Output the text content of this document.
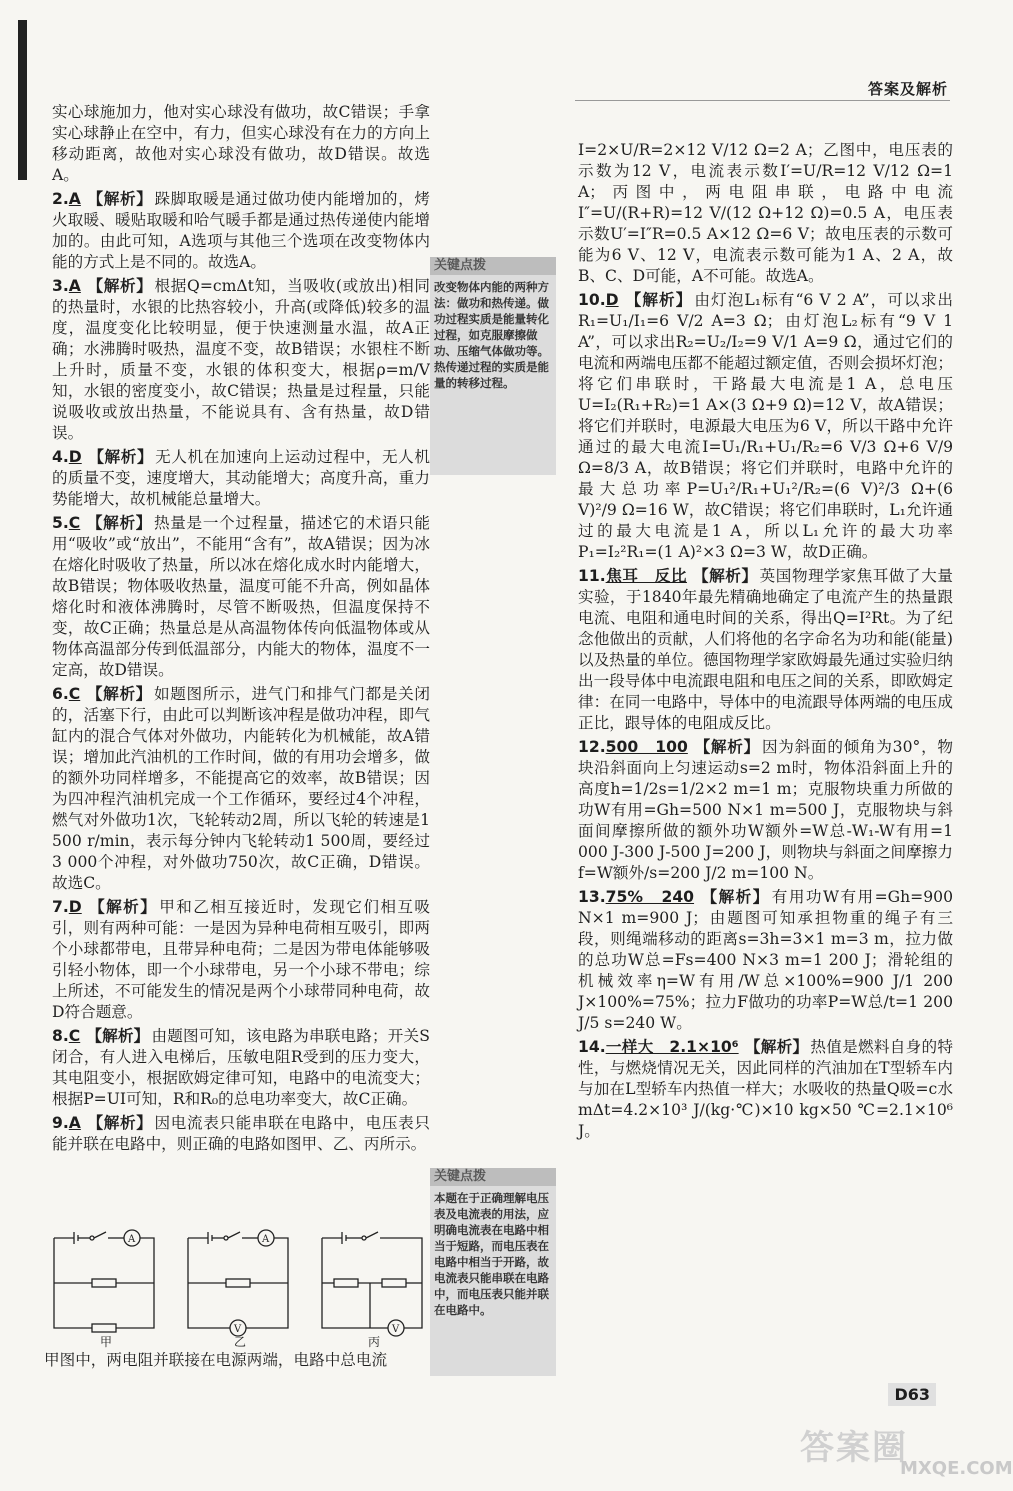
答案及解析

实心球施加力，他对实心球没有做功，故C错误；手拿实心球静止在空中，有力，但实心球没有在力的方向上移动距离，故他对实心球没有做功，故D错误。故选A。

2.A 【解析】 跺脚取暖是通过做功使内能增加的，烤火取暖、暖贴取暖和哈气暖手都是通过热传递使内能增加的。由此可知，A选项与其他三个选项在改变物体内能的方式上是不同的。故选A。

3.A 【解析】 根据Q=cmΔt知，当吸收(或放出)相同的热量时，水银的比热容较小，升高(或降低)较多的温度，温度变化比较明显，便于快速测量水温，故A正确；水沸腾时吸热，温度不变，故B错误；水银柱不断上升时，质量不变，水银的体积变大，根据ρ=m/V知，水银的密度变小，故C错误；热量是过程量，只能说吸收或放出热量，不能说具有、含有热量，故D错误。

4.D 【解析】 无人机在加速向上运动过程中，无人机的质量不变，速度增大，其动能增大；高度升高，重力势能增大，故机械能总量增大。

5.C 【解析】 热量是一个过程量，描述它的术语只能用“吸收”或“放出”，不能用“含有”，故A错误；因为冰在熔化时吸收了热量，所以冰在熔化成水时内能增大，故B错误；物体吸收热量，温度可能不升高，例如晶体熔化时和液体沸腾时，尽管不断吸热，但温度保持不变，故C正确；热量总是从高温物体传向低温物体或从物体高温部分传到低温部分，内能大的物体，温度不一定高，故D错误。

6.C 【解析】 如题图所示，进气门和排气门都是关闭的，活塞下行，由此可以判断该冲程是做功冲程，即气缸内的混合气体对外做功，内能转化为机械能，故A错误；增加此汽油机的工作时间，做的有用功会增多，做的额外功同样增多，不能提高它的效率，故B错误；因为四冲程汽油机完成一个工作循环，要经过4个冲程，燃气对外做功1次，飞轮转动2周，所以飞轮的转速是1 500 r/min，表示每分钟内飞轮转动1 500周，要经过3 000个冲程，对外做功750次，故C正确，D错误。故选C。

7.D 【解析】 甲和乙相互接近时，发现它们相互吸引，则有两种可能：一是因为异种电荷相互吸引，即两个小球都带电，且带异种电荷；二是因为带电体能够吸引轻小物体，即一个小球带电，另一个小球不带电；综上所述，不可能发生的情况是两个小球带同种电荷，故D符合题意。

8.C 【解析】 由题图可知，该电路为串联电路；开关S闭合，有人进入电梯后，压敏电阻R受到的压力变大，其电阻变小，根据欧姆定律可知，电路中的电流变大；根据P=UI可知，R和R₀的总电功率变大，故C正确。

9.A 【解析】 因电流表只能串联在电路中，电压表只能并联在电路中，则正确的电路如图甲、乙、丙所示。

关键点拨
改变物体内能的两种方法：做功和热传递。做功过程实质是能量转化过程，如克服摩擦做功、压缩气体做功等。热传递过程的实质是能量的转移过程。
关键点拨
本题在于正确理解电压表及电流表的用法，应明确电流表在电路中相当于短路，而电压表在电路中相当于开路，故电流表只能串联在电路中，而电压表只能并联在电路中。
A	A
V	V
甲	乙	丙
甲图中，两电阻并联接在电源两端，电路中总电流

I=2×U/R=2×12 V/12 Ω=2 A；乙图中，电压表的示数为12 V，电流表示数I′=U/R=12 V/12 Ω=1 A；丙图中，两电阻串联，电路中电流I″=U/(R+R)=12 V/(12 Ω+12 Ω)=0.5 A，电压表示数U′=I″R=0.5 A×12 Ω=6 V；故电压表的示数可能为6 V、12 V，电流表示数可能为1 A、2 A，故B、C、D可能，A不可能。故选A。

10.D 【解析】 由灯泡L₁标有“6 V 2 A”，可以求出R₁=U₁/I₁=6 V/2 A=3 Ω；由灯泡L₂标有“9 V 1 A”，可以求出R₂=U₂/I₂=9 V/1 A=9 Ω，通过它们的电流和两端电压都不能超过额定值，否则会损坏灯泡；将它们串联时，干路最大电流是1 A，总电压U=I₂(R₁+R₂)=1 A×(3 Ω+9 Ω)=12 V，故A错误；将它们并联时，电源最大电压为6 V，所以干路中允许通过的最大电流I=U₁/R₁+U₁/R₂=6 V/3 Ω+6 V/9 Ω=8/3 A，故B错误；将它们并联时，电路中允许的最大总功率P=U₁²/R₁+U₁²/R₂=(6 V)²/3 Ω+(6 V)²/9 Ω=16 W，故C错误；将它们串联时，L₁允许通过的最大电流是1 A，所以L₁允许的最大功率P₁=I₂²R₁=(1 A)²×3 Ω=3 W，故D正确。

11.焦耳　反比 【解析】 英国物理学家焦耳做了大量实验，于1840年最先精确地确定了电流产生的热量跟电流、电阻和通电时间的关系，得出Q=I²Rt。为了纪念他做出的贡献，人们将他的名字命名为功和能(能量)以及热量的单位。德国物理学家欧姆最先通过实验归纳出一段导体中电流跟电阻和电压之间的关系，即欧姆定律：在同一电路中，导体中的电流跟导体两端的电压成正比，跟导体的电阻成反比。

12.500　100 【解析】 因为斜面的倾角为30°，物块沿斜面向上匀速运动s=2 m时，物体沿斜面上升的高度h=1/2s=1/2×2 m=1 m；克服物块重力所做的功W有用=Gh=500 N×1 m=500 J，克服物块与斜面间摩擦所做的额外功W额外=W总-W₁-W有用=1 000 J-300 J-500 J=200 J，则物块与斜面之间摩擦力f=W额外/s=200 J/2 m=100 N。

13.75%　240 【解析】 有用功W有用=Gh=900 N×1 m=900 J；由题图可知承担物重的绳子有三段，则绳端移动的距离s=3h=3×1 m=3 m，拉力做的总功W总=Fs=400 N×3 m=1 200 J；滑轮组的机械效率η=W有用/W总×100%=900 J/1 200 J×100%=75%；拉力F做功的功率P=W总/t=1 200 J/5 s=240 W。

14.一样大　2.1×10⁶ 【解析】 热值是燃料自身的特性，与燃烧情况无关，因此同样的汽油加在T型轿车内与加在L型轿车内热值一样大；水吸收的热量Q吸=c水mΔt=4.2×10³ J/(kg·℃)×10 kg×50 ℃=2.1×10⁶ J。

D63
答案圈
MXQE.COM
